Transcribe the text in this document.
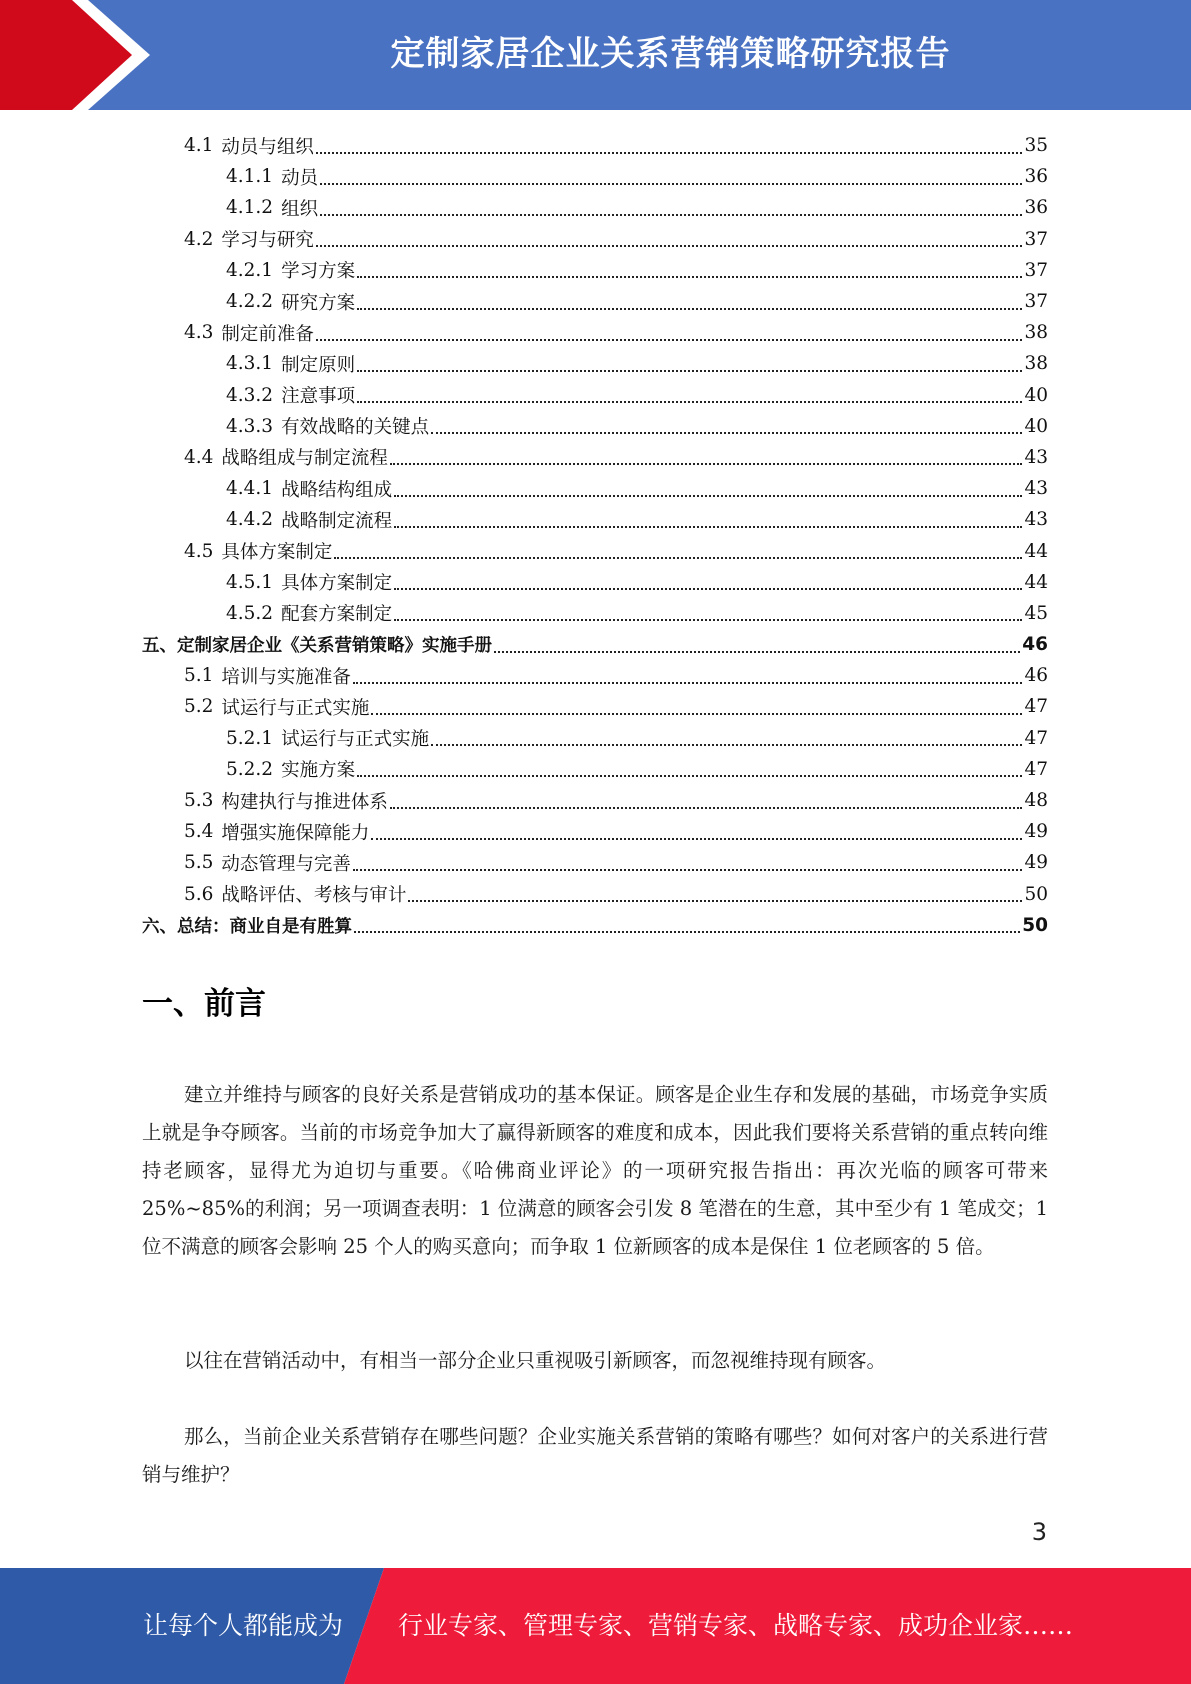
定制家居企业关系营销策略研究报告
4.1 动员与组织	35
4.1.1 动员	36
4.1.2 组织	36
4.2 学习与研究	37
4.2.1 学习方案	37
4.2.2 研究方案	37
4.3 制定前准备	38
4.3.1 制定原则	38
4.3.2 注意事项	40
4.3.3 有效战略的关键点	40
4.4 战略组成与制定流程	43
4.4.1 战略结构组成	43
4.4.2 战略制定流程	43
4.5 具体方案制定	44
4.5.1 具体方案制定	44
4.5.2 配套方案制定	45
五、 定制家居企业《关系营销策略》实施手册	46
5.1 培训与实施准备	46
5.2 试运行与正式实施	47
5.2.1 试运行与正式实施	47
5.2.2 实施方案	47
5.3 构建执行与推进体系	48
5.4 增强实施保障能力	49
5.5 动态管理与完善	49
5.6 战略评估、考核与审计	50
六、 总结：商业自是有胜算	50
一、前言

建立并维持与顾客的良好关系是营销成功的基本保证。顾客是企业生存和发展的基础，市场竞争实质上就是争夺顾客。当前的市场竞争加大了赢得新顾客的难度和成本，因此我们要将关系营销的重点转向维持老顾客，显得尤为迫切与重要。《哈佛商业评论》的一项研究报告指出：再次光临的顾客可带来 25%~85%的利润；另一项调查表明：1 位满意的顾客会引发 8 笔潜在的生意，其中至少有 1 笔成交；1 位不满意的顾客会影响 25 个人的购买意向；而争取 1 位新顾客的成本是保住 1 位老顾客的 5 倍。

以往在营销活动中，有相当一部分企业只重视吸引新顾客，而忽视维持现有顾客。

那么，当前企业关系营销存在哪些问题？企业实施关系营销的策略有哪些？如何对客户的关系进行营销与维护？

3
让每个人都能成为 行业专家、管理专家、营销专家、战略专家、成功企业家……
